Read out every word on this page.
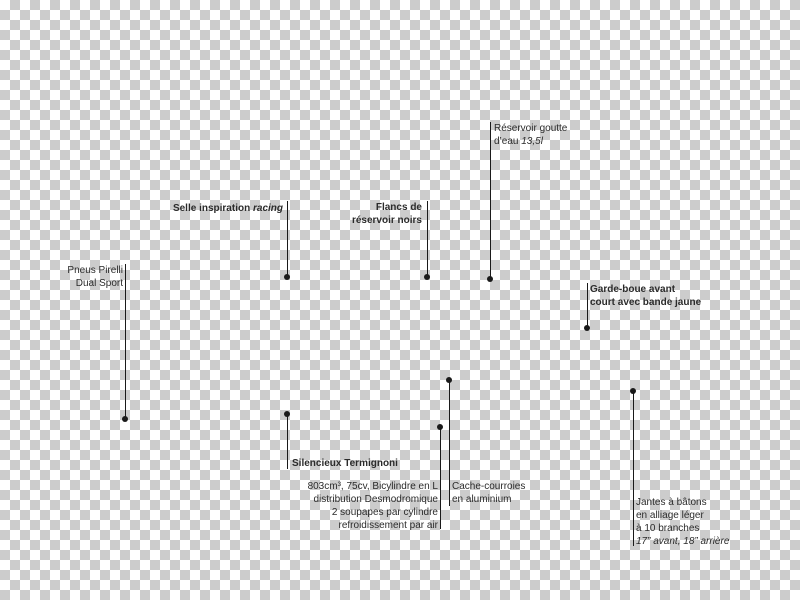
Pneus Pirelli
Dual Sport
Selle inspiration racing	Flancs de
réservoir noirs
Réservoir goutte
d’eau 13,5l
Garde-boue avant
court avec bande jaune
Silencieux Termignoni
803cm³, 75cv, Bicylindre en L
distribution Desmodromique
2 soupapes par cylindre
refroidissement par air
Cache-courroies
en aluminium	Jantes à bâtons
en alliage léger
à 10 branches
17” avant, 18” arrière
